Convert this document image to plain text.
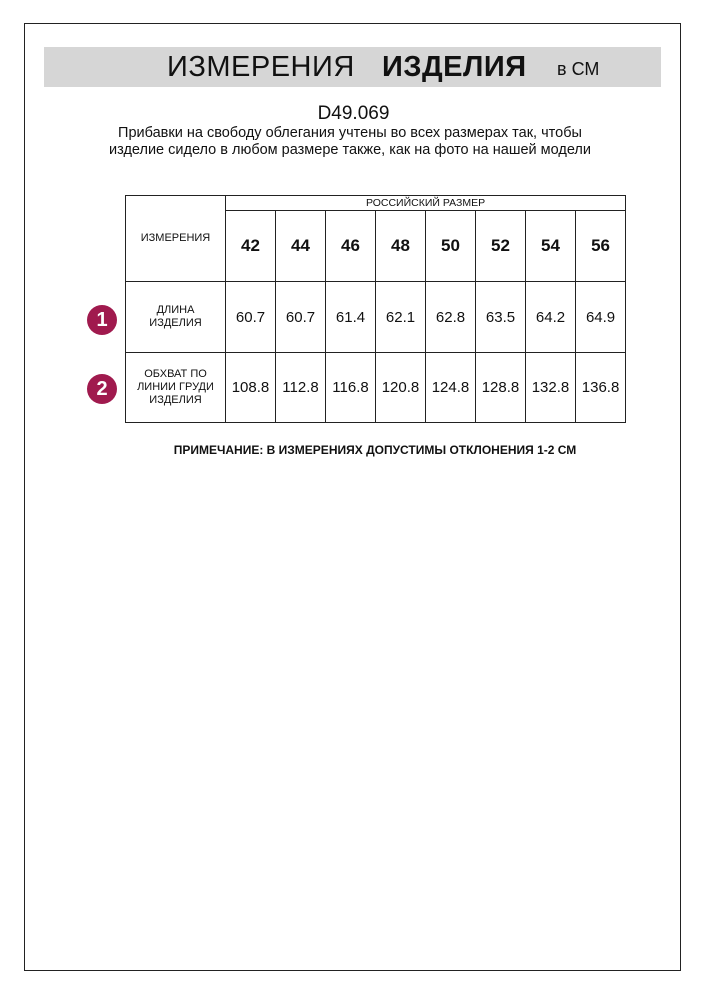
ИЗМЕРЕНИЯ ИЗДЕЛИЯ в СМ
D49.069
Прибавки на свободу облегания учтены во всех размерах так, чтобы изделие сидело в любом размере также, как на фото на нашей модели
ИЗМЕРЕНИЯ	РОССИЙСКИЙ РАЗМЕР							
	42	44	46	48	50	52	54	56
ДЛИНА
ИЗДЕЛИЯ	60.7	60.7	61.4	62.1	62.8	63.5	64.2	64.9
ОБХВАТ ПО
ЛИНИИ ГРУДИ
ИЗДЕЛИЯ	108.8	112.8	116.8	120.8	124.8	128.8	132.8	136.8
1
2
ПРИМЕЧАНИЕ: В ИЗМЕРЕНИЯХ ДОПУСТИМЫ ОТКЛОНЕНИЯ 1-2 СМ
